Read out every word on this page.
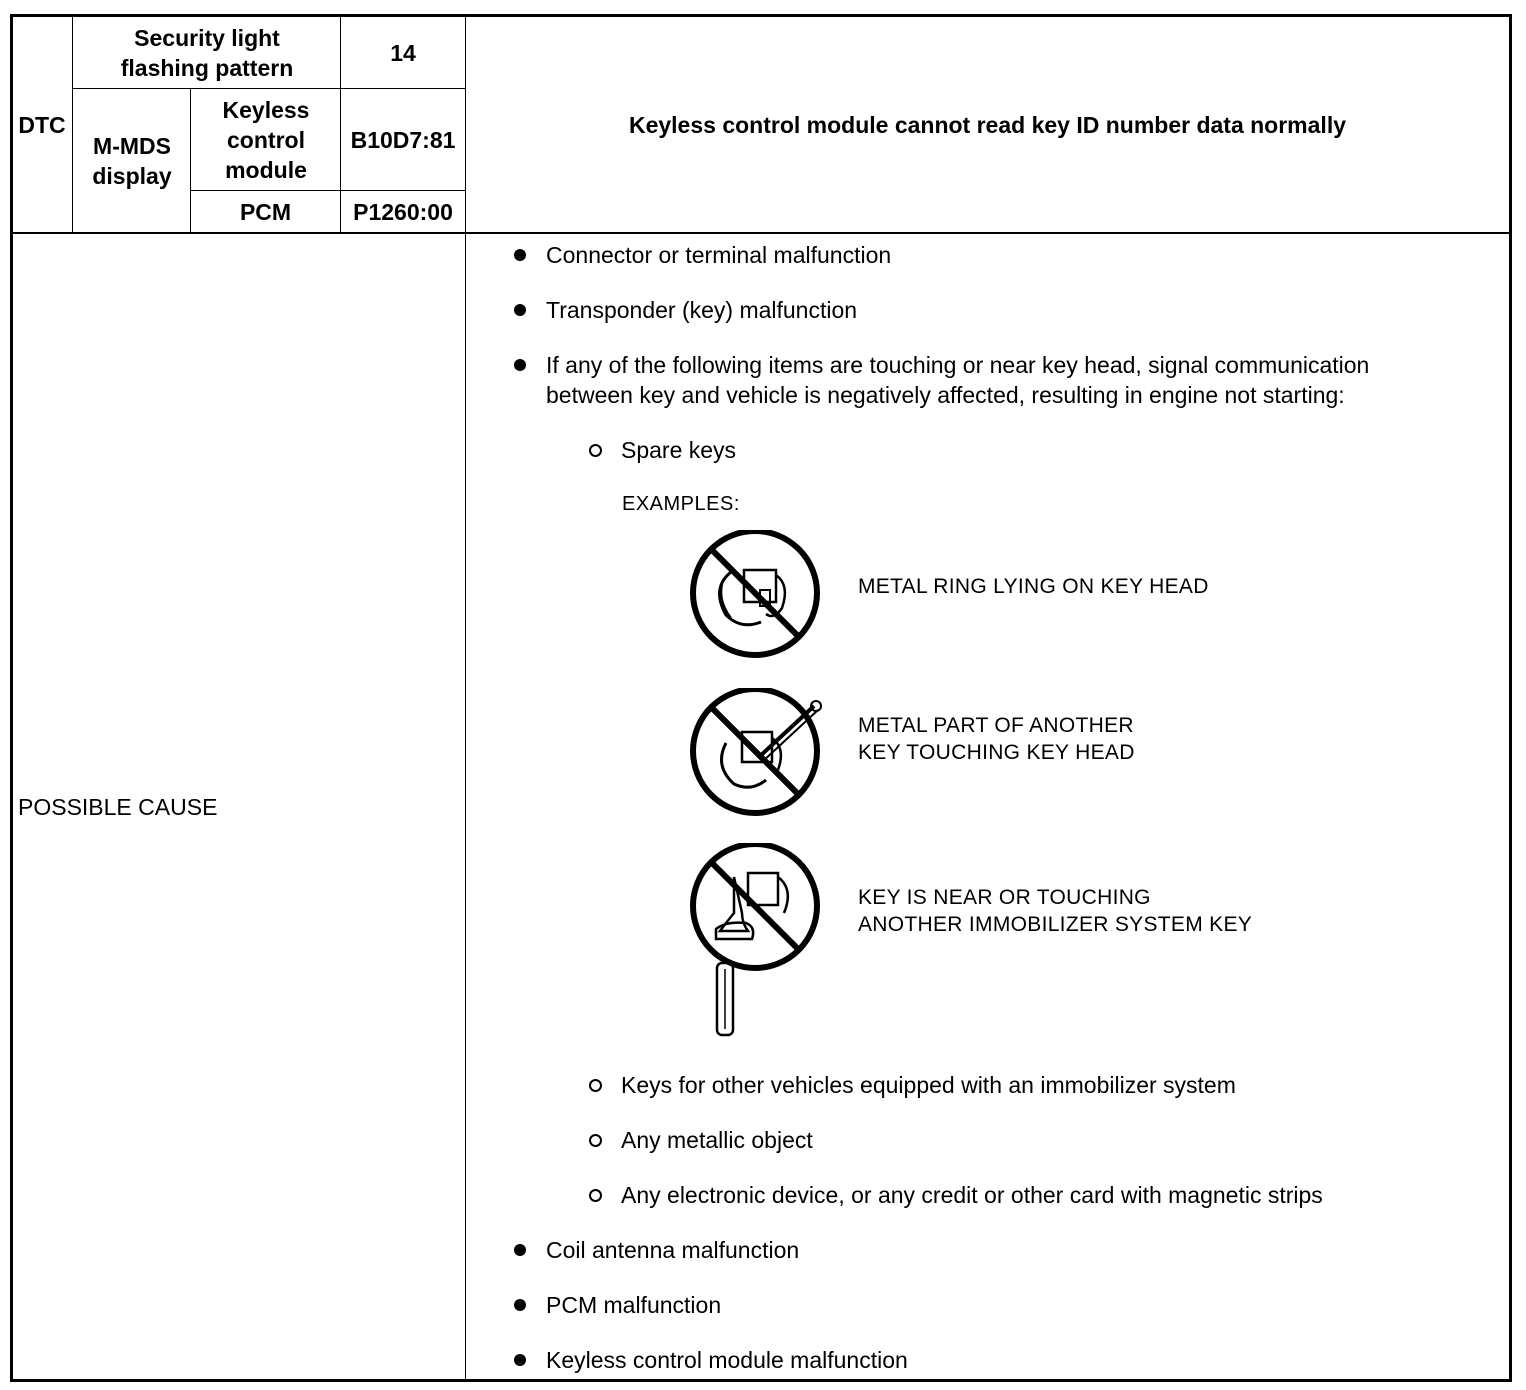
DTC
Security light flashing pattern
14
M-MDS display
Keyless control module
B10D7:81
PCM	P1260:00
Keyless control module cannot read key ID number data normally
POSSIBLE CAUSE
Connector or terminal malfunction
Transponder (key) malfunction
If any of the following items are touching or near key head, signal communication
between key and vehicle is negatively affected, resulting in engine not starting:
Spare keys
EXAMPLES:
METAL RING LYING ON KEY HEAD
METAL PART OF ANOTHER
KEY TOUCHING KEY HEAD
KEY IS NEAR OR TOUCHING
ANOTHER IMMOBILIZER SYSTEM KEY
Keys for other vehicles equipped with an immobilizer system
Any metallic object
Any electronic device, or any credit or other card with magnetic strips
Coil antenna malfunction
PCM malfunction
Keyless control module malfunction
